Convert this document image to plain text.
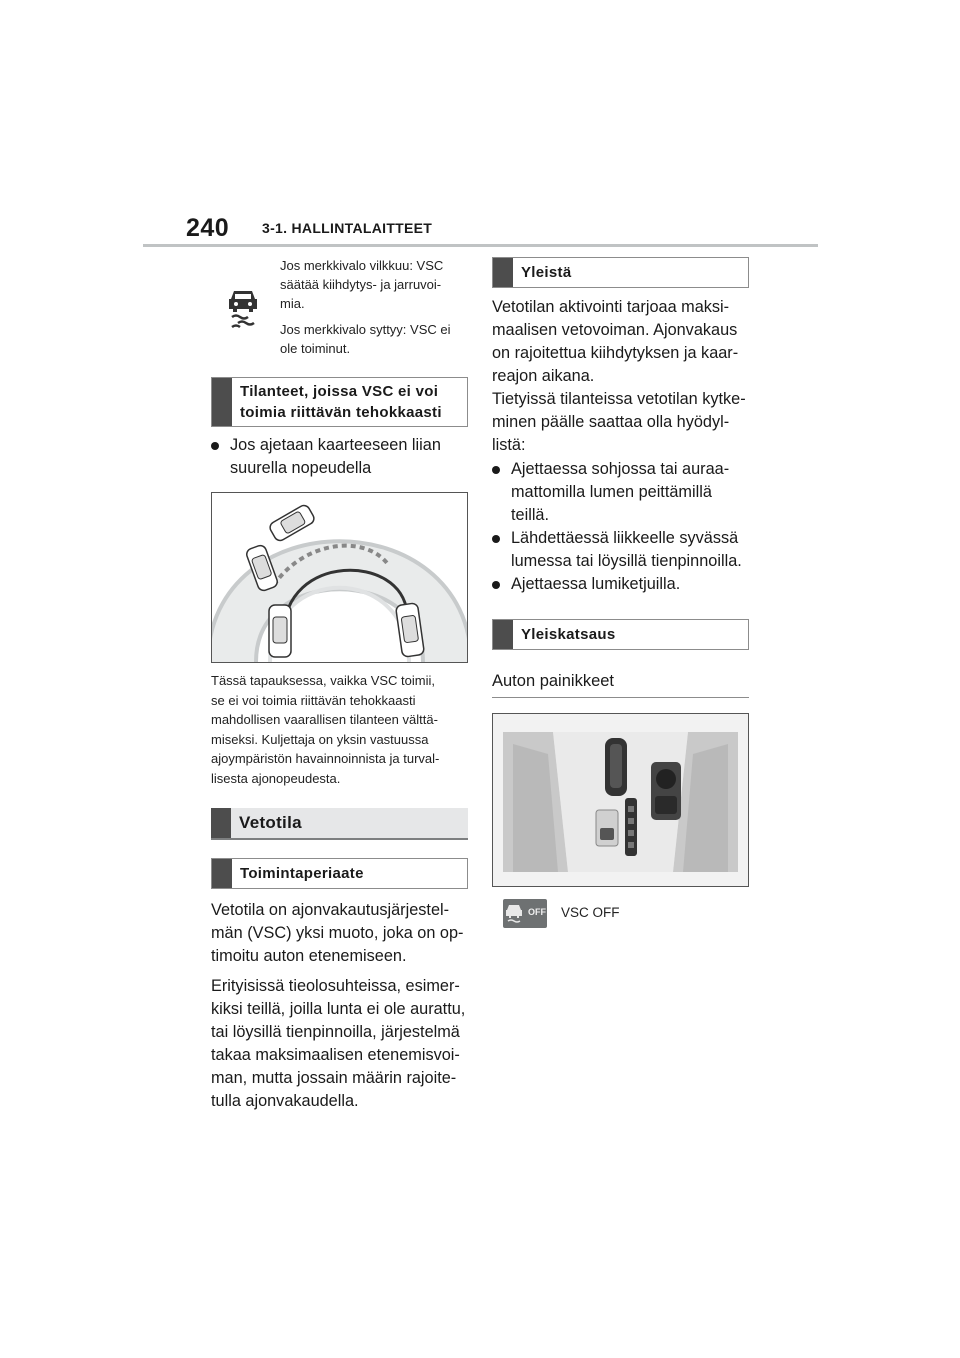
240 3-1. HALLINTALAITTEET

Jos merkkivalo vilkkuu: VSC

säätää kiihdytys- ja jarruvoi-

mia.

Jos merkkivalo syttyy: VSC ei

ole toiminut.

Tilanteet, joissa VSC ei voi

toimia riittävän tehokkaasti

Jos ajetaan kaarteeseen liian

suurella nopeudella

Tässä tapauksessa, vaikka VSC toimii,

se ei voi toimia riittävän tehokkaasti

mahdollisen vaarallisen tilanteen välttä-

miseksi. Kuljettaja on yksin vastuussa

ajoympäristön havainnoinnista ja turval-

lisesta ajonopeudesta.

Vetotila
Toimintaperiaate

Vetotila on ajonvakautusjärjestel-

män (VSC) yksi muoto, joka on op-

timoitu auton etenemiseen.

Erityisissä tieolosuhteissa, esimer-

kiksi teillä, joilla lunta ei ole aurattu,

tai löysillä tienpinnoilla, järjestelmä

takaa maksimaalisen etenemisvoi-

man, mutta jossain määrin rajoite-

tulla ajonvakaudella.

Yleistä

Vetotilan aktivointi tarjoaa maksi-

maalisen vetovoiman. Ajonvakaus

on rajoitettua kiihdytyksen ja kaar-

reajon aikana.

Tietyissä tilanteissa vetotilan kytke-

minen päälle saattaa olla hyödyl-

listä:

Ajettaessa sohjossa tai auraa-

mattomilla lumen peittämillä

teillä.

Lähdettäessä liikkeelle syvässä

lumessa tai löysillä tienpinnoilla.

Ajettaessa lumiketjuilla.

Yleiskatsaus
Auton painikkeet
OFF VSC OFF
